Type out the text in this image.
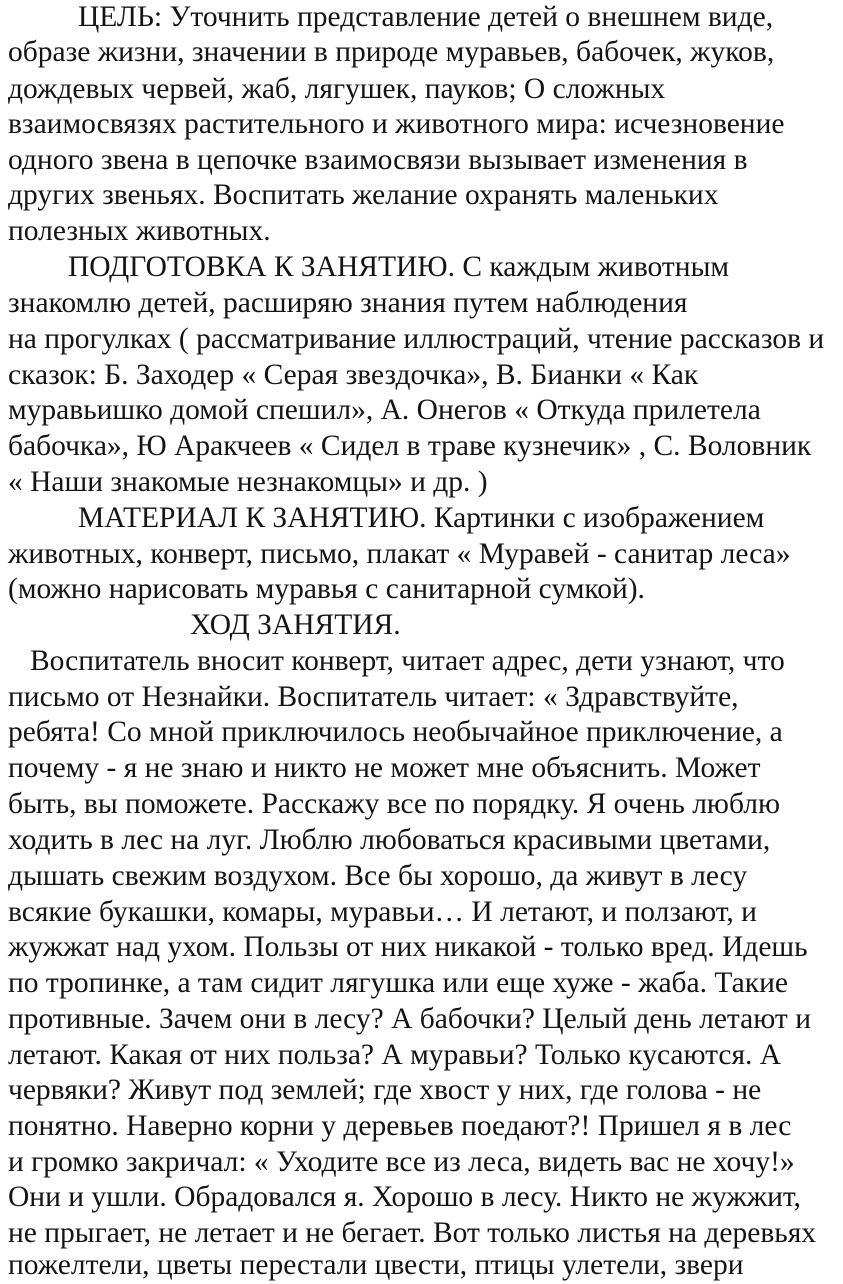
ЦЕЛЬ: Уточнить представление детей о внешнем виде,
образе жизни, значении в природе муравьев, бабочек, жуков,
дождевых червей, жаб, лягушек, пауков; О сложных
взаимосвязях растительного и животного мира: исчезновение
одного звена в цепочке взаимосвязи вызывает изменения в
других звеньях. Воспитать желание охранять маленьких
полезных животных.
ПОДГОТОВКА К ЗАНЯТИЮ. С каждым животным
знакомлю детей, расширяю знания путем наблюдения
на прогулках ( рассматривание иллюстраций, чтение рассказов и
сказок: Б. Заходер « Серая звездочка», В. Бианки « Как
муравьишко домой спешил», А. Онегов « Откуда прилетела
бабочка», Ю Аракчеев « Сидел в траве кузнечик» , С. Воловник
« Наши знакомые незнакомцы» и др. )
МАТЕРИАЛ К ЗАНЯТИЮ. Картинки с изображением
животных, конверт, письмо, плакат « Муравей - санитар леса»
(можно нарисовать муравья с санитарной сумкой).
ХОД ЗАНЯТИЯ.
Воспитатель вносит конверт, читает адрес, дети узнают, что
письмо от Незнайки. Воспитатель читает: « Здравствуйте,
ребята! Со мной приключилось необычайное приключение, а
почему - я не знаю и никто не может мне объяснить. Может
быть, вы поможете. Расскажу все по порядку. Я очень люблю
ходить в лес на луг. Люблю любоваться красивыми цветами,
дышать свежим воздухом. Все бы хорошо, да живут в лесу
всякие букашки, комары, муравьи… И летают, и ползают, и
жужжат над ухом. Пользы от них никакой - только вред. Идешь
по тропинке, а там сидит лягушка или еще хуже - жаба. Такие
противные. Зачем они в лесу? А бабочки? Целый день летают и
летают. Какая от них польза? А муравьи? Только кусаются. А
червяки? Живут под землей; где хвост у них, где голова - не
понятно. Наверно корни у деревьев поедают?! Пришел я в лес
и громко закричал: « Уходите все из леса, видеть вас не хочу!»
Они и ушли. Обрадовался я. Хорошо в лесу. Никто не жужжит,
не прыгает, не летает и не бегает. Вот только листья на деревьях
пожелтели, цветы перестали цвести, птицы улетели, звери
